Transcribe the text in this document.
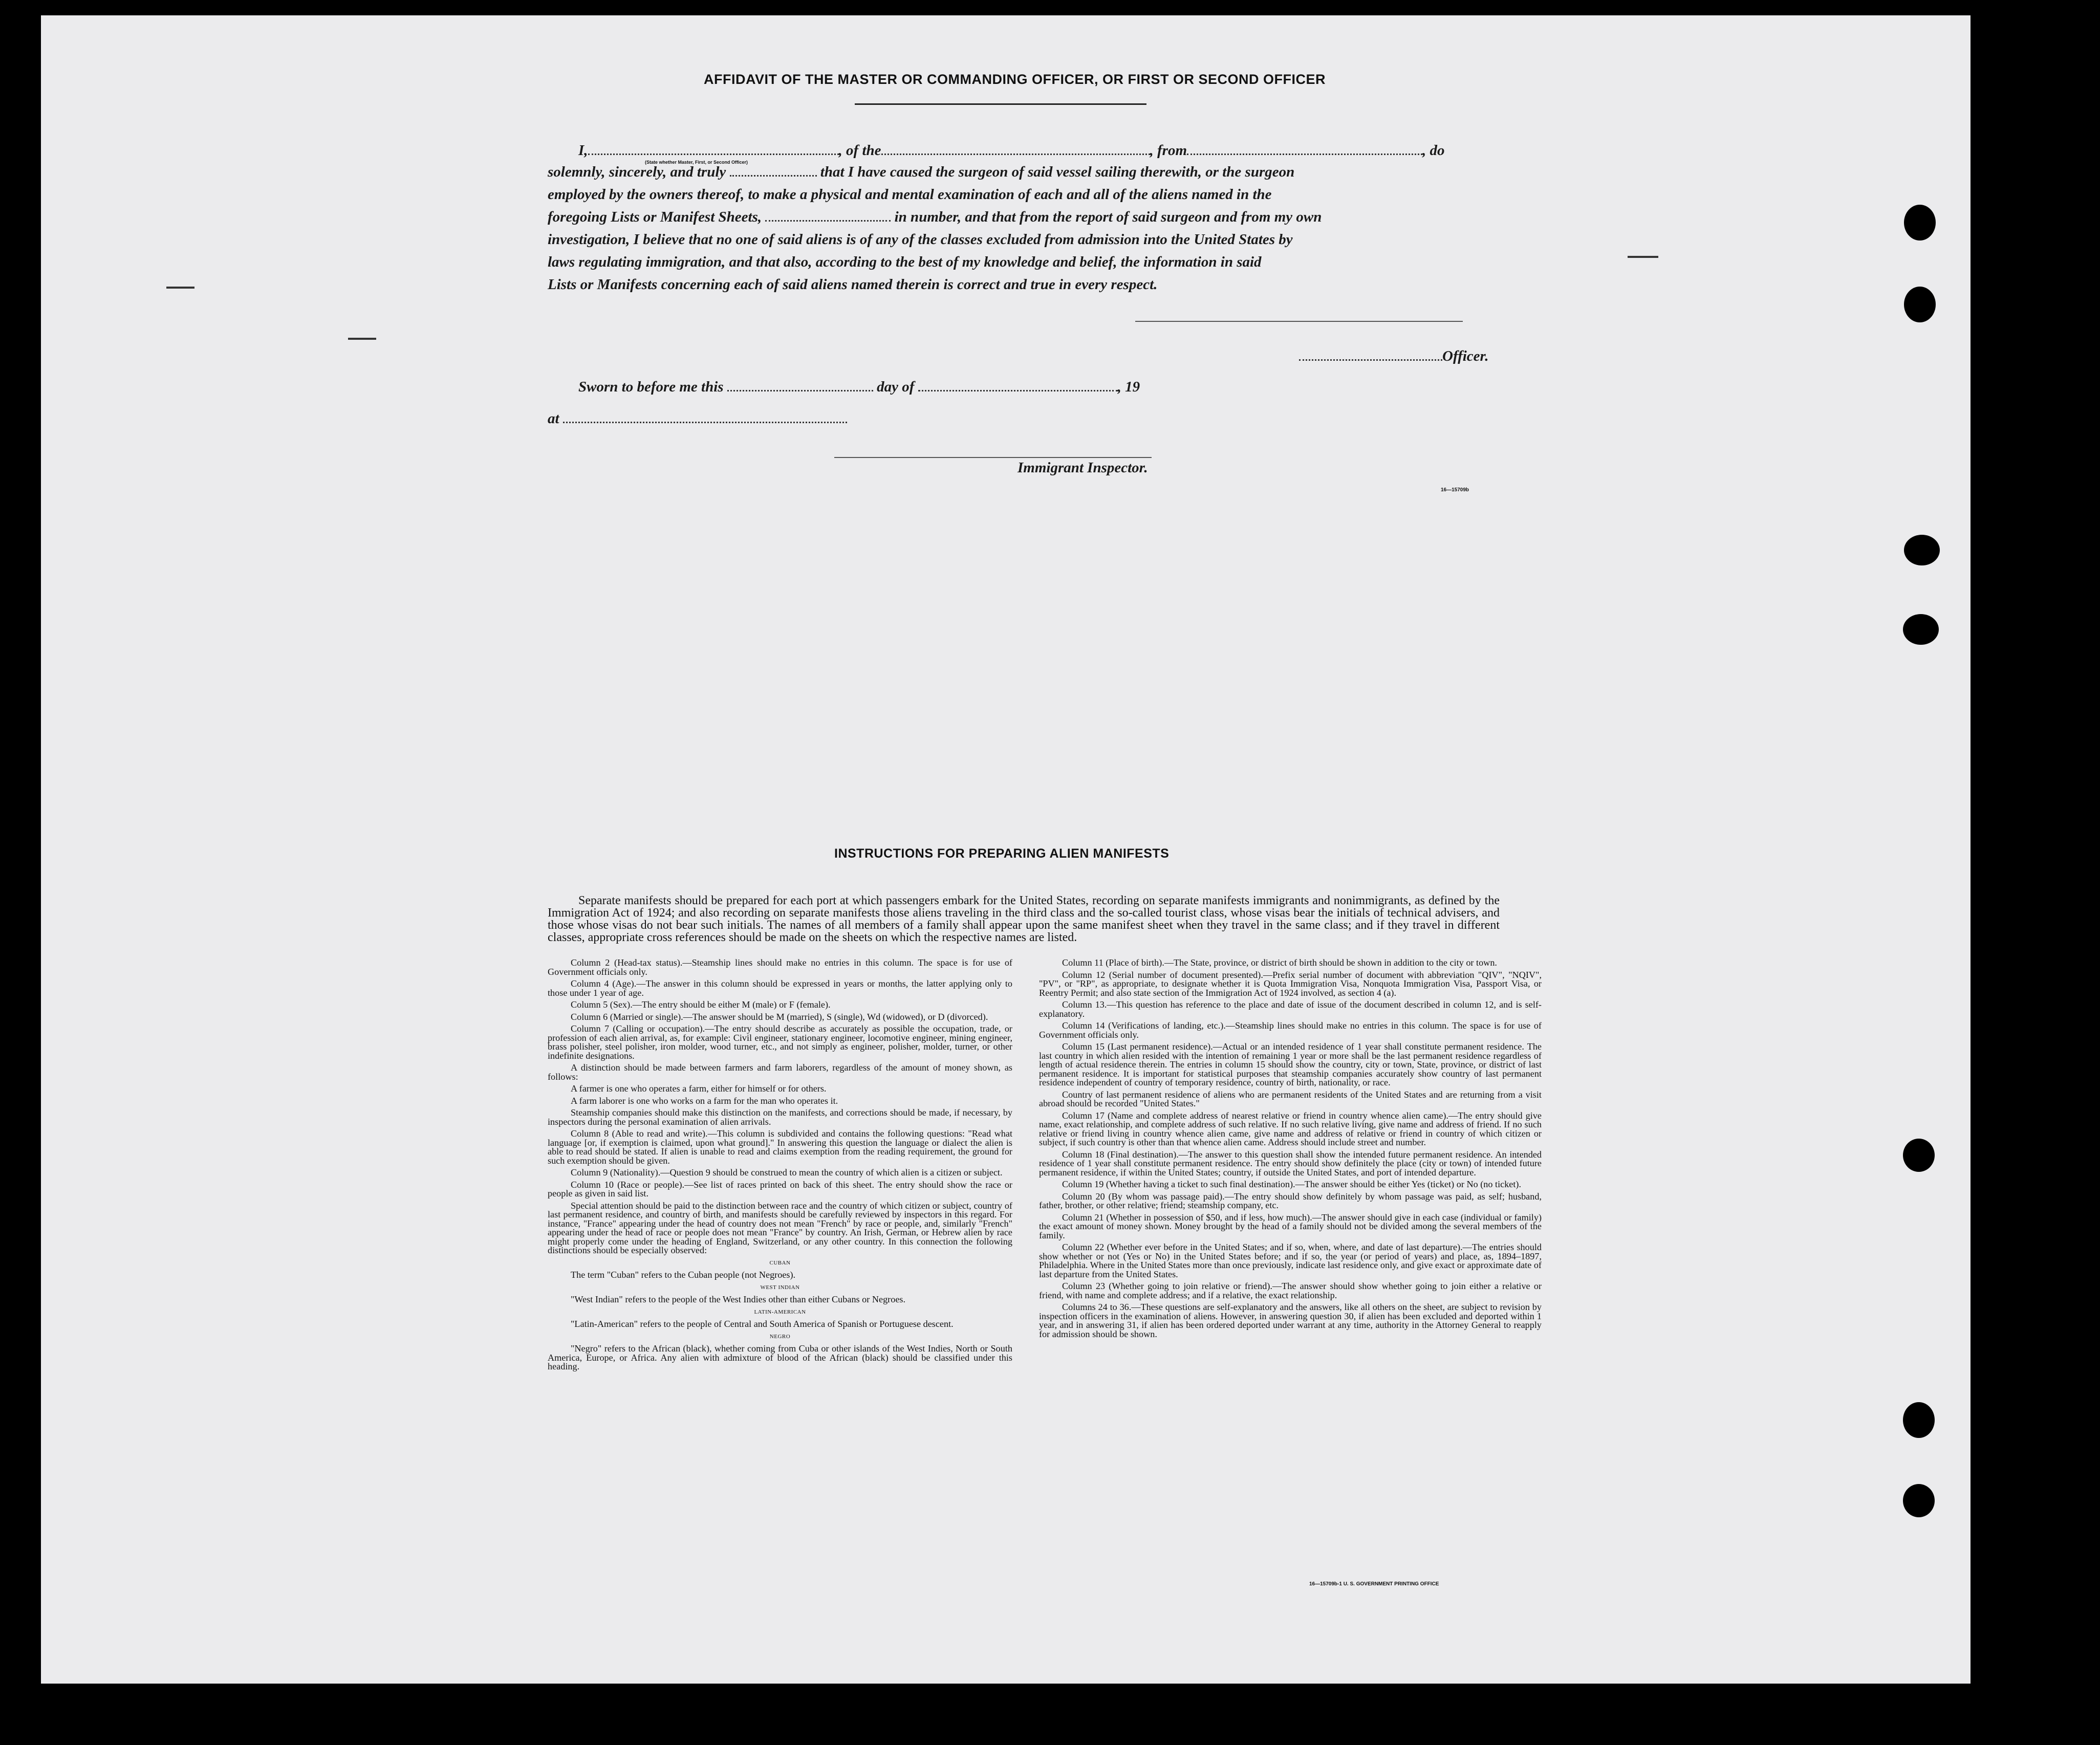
AFFIDAVIT OF THE MASTER OR COMMANDING OFFICER, OR FIRST OR SECOND OFFICER
I,	, of the	, from	, do
(State whether Master, First, or Second Officer)
solemnly, sincerely, and truly	that I have caused the surgeon of said vessel sailing therewith, or the surgeon
employed by the owners thereof, to make a physical and mental examination of each and all of the aliens named in the
foregoing Lists or Manifest Sheets,	in number, and that from the report of said surgeon and from my own
investigation, I believe that no one of said aliens is of any of the classes excluded from admission into the United States by
laws regulating immigration, and that also, according to the best of my knowledge and belief, the information in said
Lists or Manifests concerning each of said aliens named therein is correct and true in every respect.
Officer.
Sworn to before me this	day of	, 19
at
Immigrant Inspector.
16—15709b
INSTRUCTIONS FOR PREPARING ALIEN MANIFESTS
Separate manifests should be prepared for each port at which passengers embark for the United States, recording on separate manifests immigrants and nonimmigrants, as defined by the Immigration Act of 1924; and also recording on separate manifests those aliens traveling in the third class and the so-called tourist class, whose visas bear the initials of technical advisers, and those whose visas do not bear such initials. The names of all members of a family shall appear upon the same manifest sheet when they travel in the same class; and if they travel in different classes, appropriate cross references should be made on the sheets on which the respective names are listed.

Column 2 (Head-tax status).—Steamship lines should make no entries in this column. The space is for use of Government officials only.

Column 4 (Age).—The answer in this column should be expressed in years or months, the latter applying only to those under 1 year of age.

Column 5 (Sex).—The entry should be either M (male) or F (female).

Column 6 (Married or single).—The answer should be M (married), S (single), Wd (widowed), or D (divorced).

Column 7 (Calling or occupation).—The entry should describe as accurately as possible the occupation, trade, or profession of each alien arrival, as, for example: Civil engineer, stationary engineer, locomotive engineer, mining engineer, brass polisher, steel polisher, iron molder, wood turner, etc., and not simply as engineer, polisher, molder, turner, or other indefinite designations.

A distinction should be made between farmers and farm laborers, regardless of the amount of money shown, as follows:

A farmer is one who operates a farm, either for himself or for others.

A farm laborer is one who works on a farm for the man who operates it.

Steamship companies should make this distinction on the manifests, and corrections should be made, if necessary, by inspectors during the personal examination of alien arrivals.

Column 8 (Able to read and write).—This column is subdivided and contains the following questions: "Read what language [or, if exemption is claimed, upon what ground]." In answering this question the language or dialect the alien is able to read should be stated. If alien is unable to read and claims exemption from the reading requirement, the ground for such exemption should be given.

Column 9 (Nationality).—Question 9 should be construed to mean the country of which alien is a citizen or subject.

Column 10 (Race or people).—See list of races printed on back of this sheet. The entry should show the race or people as given in said list.

Special attention should be paid to the distinction between race and the country of which citizen or subject, country of last permanent residence, and country of birth, and manifests should be carefully reviewed by inspectors in this regard. For instance, "France" appearing under the head of country does not mean "French" by race or people, and, similarly "French" appearing under the head of race or people does not mean "France" by country. An Irish, German, or Hebrew alien by race might properly come under the heading of England, Switzerland, or any other country. In this connection the following distinctions should be especially observed:

CUBAN

The term "Cuban" refers to the Cuban people (not Negroes).

WEST INDIAN

"West Indian" refers to the people of the West Indies other than either Cubans or Negroes.

LATIN-AMERICAN

"Latin-American" refers to the people of Central and South America of Spanish or Portuguese descent.

NEGRO

"Negro" refers to the African (black), whether coming from Cuba or other islands of the West Indies, North or South America, Europe, or Africa. Any alien with admixture of blood of the African (black) should be classified under this heading.

Column 11 (Place of birth).—The State, province, or district of birth should be shown in addition to the city or town.

Column 12 (Serial number of document presented).—Prefix serial number of document with abbreviation "QIV", "NQIV", "PV", or "RP", as appropriate, to designate whether it is Quota Immigration Visa, Nonquota Immigration Visa, Passport Visa, or Reentry Permit; and also state section of the Immigration Act of 1924 involved, as section 4 (a).

Column 13.—This question has reference to the place and date of issue of the document described in column 12, and is self-explanatory.

Column 14 (Verifications of landing, etc.).—Steamship lines should make no entries in this column. The space is for use of Government officials only.

Column 15 (Last permanent residence).—Actual or an intended residence of 1 year shall constitute permanent residence. The last country in which alien resided with the intention of remaining 1 year or more shall be the last permanent residence regardless of length of actual residence therein. The entries in column 15 should show the country, city or town, State, province, or district of last permanent residence. It is important for statistical purposes that steamship companies accurately show country of last permanent residence independent of country of temporary residence, country of birth, nationality, or race.

Country of last permanent residence of aliens who are permanent residents of the United States and are returning from a visit abroad should be recorded "United States."

Column 17 (Name and complete address of nearest relative or friend in country whence alien came).—The entry should give name, exact relationship, and complete address of such relative. If no such relative living, give name and address of friend. If no such relative or friend living in country whence alien came, give name and address of relative or friend in country of which citizen or subject, if such country is other than that whence alien came. Address should include street and number.

Column 18 (Final destination).—The answer to this question shall show the intended future permanent residence. An intended residence of 1 year shall constitute permanent residence. The entry should show definitely the place (city or town) of intended future permanent residence, if within the United States; country, if outside the United States, and port of intended departure.

Column 19 (Whether having a ticket to such final destination).—The answer should be either Yes (ticket) or No (no ticket).

Column 20 (By whom was passage paid).—The entry should show definitely by whom passage was paid, as self; husband, father, brother, or other relative; friend; steamship company, etc.

Column 21 (Whether in possession of $50, and if less, how much).—The answer should give in each case (individual or family) the exact amount of money shown. Money brought by the head of a family should not be divided among the several members of the family.

Column 22 (Whether ever before in the United States; and if so, when, where, and date of last departure).—The entries should show whether or not (Yes or No) in the United States before; and if so, the year (or period of years) and place, as, 1894–1897, Philadelphia. Where in the United States more than once previously, indicate last residence only, and give exact or approximate date of last departure from the United States.

Column 23 (Whether going to join relative or friend).—The answer should show whether going to join either a relative or friend, with name and complete address; and if a relative, the exact relationship.

Columns 24 to 36.—These questions are self-explanatory and the answers, like all others on the sheet, are subject to revision by inspection officers in the examination of aliens. However, in answering question 30, if alien has been excluded and deported within 1 year, and in answering 31, if alien has been ordered deported under warrant at any time, authority in the Attorney General to reapply for admission should be shown.

16—15709b-1 U. S. GOVERNMENT PRINTING OFFICE
